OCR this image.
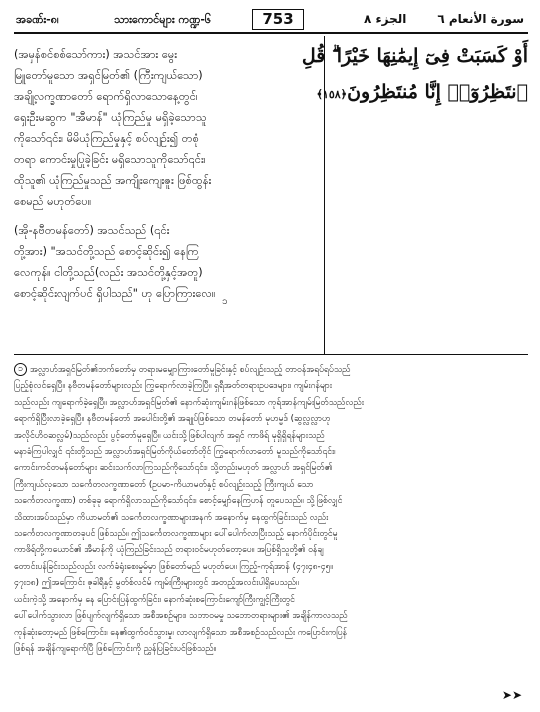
အခဏ်း-၈၊	သားကောင်များ ကဏ္ဍ-၆	753	الجزء ٨	سورة الأنعام ٦
(အမှန်စင်စစ်သော်ကား) အသင်အား မွေး
မြူတော်မူသော အရှင်မြတ်၏ (ကြီးကျယ်သော)
အချို့လက္ခဏာတော် ရောက်ရှိလာသောနေ့တွင်၊
ရှေးဦးမဆွက "အီမာန်" ယုံကြည်မှု မရှိခဲ့သောသူ
ကိုသော်၎င်း၊ မိမိယုံကြည်မှုနှင့် စပ်လျဉ်း၍ တစုံ
တရာ ကောင်းမှုပြုခဲ့ခြင်း မရှိသောသူကိုသော်၎င်း၊
ထိုသူ၏ ယုံကြည်မှုသည် အကျိုးကျေးဇူး ဖြစ်ထွန်း
စေမည် မဟုတ်ပေ။
(အို-နဗီတမန်တော်) အသင်သည် (၎င်း
တို့အား) "အသင်တို့သည် စောင့်ဆိုင်း၍ နေကြ
လေကုန်။ ငါတို့သည်(လည်း အသင်တို့နှင့်အတူ)
စောင့်ဆိုင်းလျက်ပင် ရှိပါသည်" ဟု ပြောကြားလေ။
၁
أَوْ كَسَبَتْ فِىٓ إِيمَٰنِهَا خَيْرًا ۗ قُلِ
ٱنتَظِرُوٓا۟ إِنَّا مُنتَظِرُونَ﴿١٥٨﴾
၁ အလ္လာဟ်အရှင်မြတ်၏ဘက်တော်မှ တရားမမျှောကြားတော်မူခြင်းနှင့် စပ်လျဉ်းသည့် တာဝန်အရပ်ရပ်သည်
ပြည့်စုံလင်ရှေပြီ။ နဗီတမန်တော်များလည်း ကြွရောက်လာခဲ့ကြပြီ။ ရှရီအတ်တရားဥပဒေများ၊ ကျမ်းဂန်များ
သည်လည်း ကျရောက်ခဲ့ရှေပြီ။ အလ္လာဟ်အရှင်မြတ်၏ နောက်ဆုံးကျမ်းဂန်ဖြစ်သော ကုရ်အာန်ကျမ်းမြတ်သည်လည်း
ရောက်ရှိပြီးလာခဲ့ရှေပြီ။ နဗီတမန်တော် အပေါင်းတို့၏ အချုပ်ဖြစ်သော တမန်တော် မုဟမ္မဒ် (ဆွလ္လလ္လာဟု
အလိုင်ဟိဝဆလ္လမ်)သည်လည်း ပွင့်တော်မူရှေပြီ။ ယင်းသို့ဖြစ်ပါလျက် အရှင် ကာဖိရ် မုရှိရှိရန်များသည်
မနာခံကြပါလျှင် ၎င်းတို့သည် အလ္လာဟ်အရှင်မြတ်ကိုယ်တော်တိုင် ကြွရောက်လာတော် မူသည်ကိုသော်၎င်း၊
ကောင်းကင်တမန်တော်များ ဆင်းသက်လာကြသည်ကိုသော်၎င်း၊ သို့တည်းမဟုတ် အလ္လာဟ် အရှင်မြတ်၏
ကြီးကျယ်လှသော သင်္ကေတလက္ခဏာတော် (ဥပမာ-ကိယာမတ်နှင့် စပ်လျဉ်းသည့် ကြီးကျယ် သော
သင်္ကေတလက္ခဏာ) တစ်ခုခု ရောက်ရှိလာသည်ကိုသော်၎င်း၊ စောင့်မျှော်နေကြဟန် တူပေသည်။ သို့ဖြစ်လျှင်
သိထားအပ်သည်မှာ ကိယာမတ်၏ သင်္ကေတလက္ခဏာများအနက် အနောက်မှ နေထွက်ခြင်းသည် လည်း
သင်္ကေတလက္ခဏာတခုပင် ဖြစ်သည်။ ဤသင်္ကေတလက္ခဏာများ ပေါ်ပေါက်လာပြီးသည့် နောက်ပိုင်းတွင်မူ
ကာဖိရ်တို့ကယောင်၏ အီမာန်ကို ယုံကြည်ခြင်းသည် တရားဝင်မဟုတ်တော့ပေ။ အပြစ်ရှိသူတို့၏ ဝန်ချ
တောင်းပန်ခြင်းသည်လည်း လက်ခံရုံးစေးမှုမ်မှာ ဖြစ်တော်မည် မဟုတ်ပေ။ ကြည့်-ကုရ်အာန် (၄၇း၄၈-၄၅။
၄၇း၁၈) ဤအကြောင်း ဇုခါရီနှင့် မွတ်စ်လင်မ် ကျမ်းကြီးများတွင် အတည့်အလင်းပါရှိပေသည်။
ယင်းကဲ့သို့ အနောက်မှ နေ ပြောင်းပြန်ထွက်ခြင်း၊ နောက်ဆုံးစကြောင်းကျော်ကြီးကျွင့်ကြီးတွင်
ပေါ်ပေါက်သွားလာ ဖြစ်ပျက်လျက်ရှိသော အစီအစဉ်များ၊ သဘာဝမမှု သဘောတရားများ၏ အချိန်ကာလသည်
ကုန်ဆုံးတော့မည် ဖြစ်ကြောင်း၊ နေ၏ထွက်ဝင်သွားမှု၊ လာလျက်ရှိသော အစီအစဉ်သည်လည်း ကပြောင်းကပြန်
ဖြစ်ရန် အချိန်ကျရောက်ပြီ ဖြစ်ကြောင်းကို ညွှန်ပြခြင်းပင်ဖြစ်သည်။
➤➤
